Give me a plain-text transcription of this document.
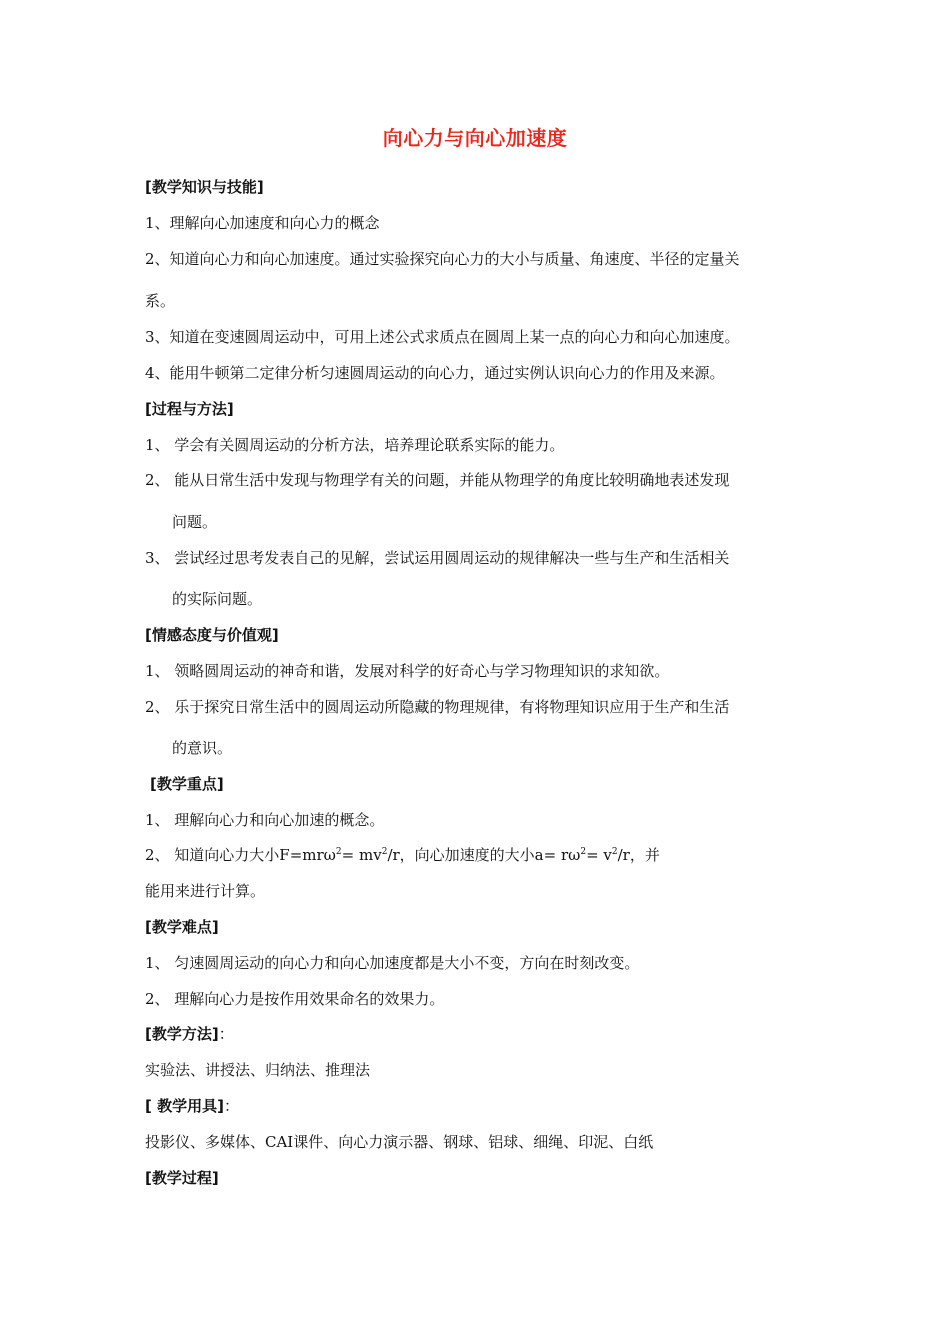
向心力与向心加速度
[教学知识与技能]
1、理解向心加速度和向心力的概念
2、知道向心力和向心加速度。通过实验探究向心力的大小与质量、角速度、半径的定量关
系。
3、知道在变速圆周运动中，可用上述公式求质点在圆周上某一点的向心力和向心加速度。
4、能用牛顿第二定律分析匀速圆周运动的向心力，通过实例认识向心力的作用及来源。
[过程与方法]
1、 学会有关圆周运动的分析方法，培养理论联系实际的能力。
2、 能从日常生活中发现与物理学有关的问题，并能从物理学的角度比较明确地表述发现
问题。
3、 尝试经过思考发表自己的见解，尝试运用圆周运动的规律解决一些与生产和生活相关
的实际问题。
[情感态度与价值观]
1、 领略圆周运动的神奇和谐，发展对科学的好奇心与学习物理知识的求知欲。
2、 乐于探究日常生活中的圆周运动所隐藏的物理规律，有将物理知识应用于生产和生活
的意识。
[教学重点]
1、 理解向心力和向心加速的概念。
2、 知道向心力大小$F=mr\omega^2= mv^2/r$，向心加速度的大小$a= r\omega^2= v^2/r$，并
能用来进行计算。
[教学难点]
1、 匀速圆周运动的向心力和向心加速度都是大小不变，方向在时刻改变。
2、 理解向心力是按作用效果命名的效果力。
[教学方法]：
实验法、讲授法、归纳法、推理法
[ 教学用具]：
投影仪、多媒体、CAI课件、向心力演示器、钢球、铝球、细绳、印泥、白纸
[教学过程]
